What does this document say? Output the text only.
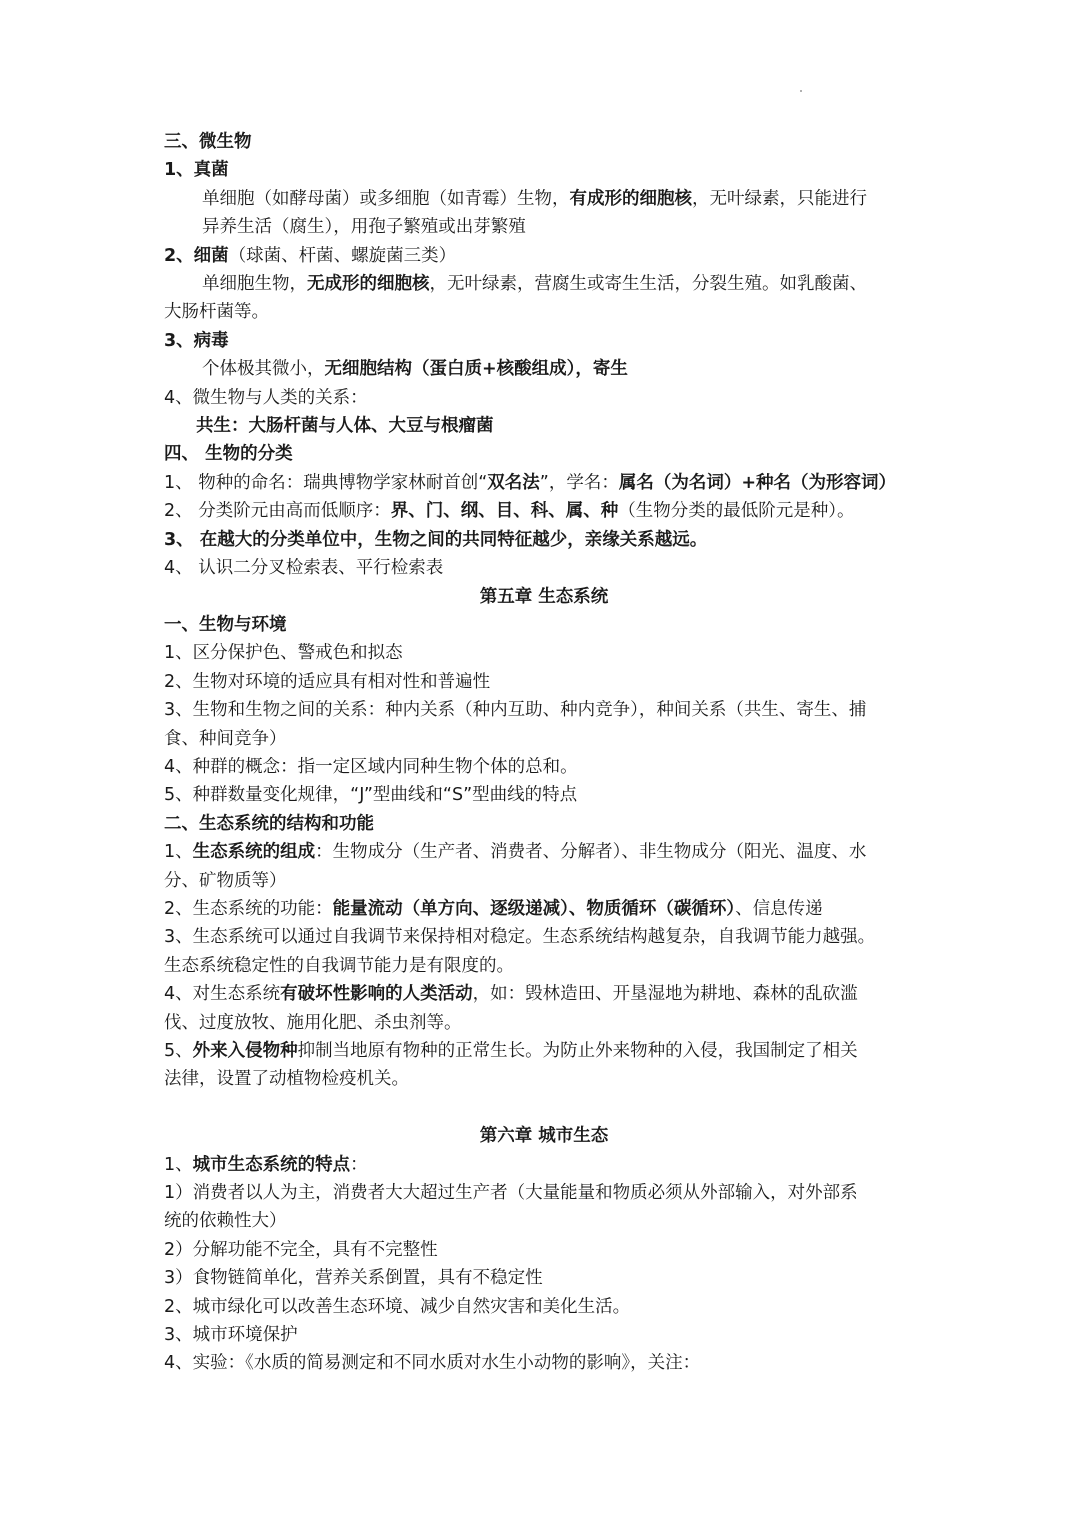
三、微生物
1、真菌
单细胞（如酵母菌）或多细胞（如青霉）生物，有成形的细胞核，无叶绿素，只能进行
异养生活（腐生），用孢子繁殖或出芽繁殖
2、细菌（球菌、杆菌、螺旋菌三类）
单细胞生物，无成形的细胞核，无叶绿素，营腐生或寄生生活，分裂生殖。如乳酸菌、
大肠杆菌等。
3、病毒
个体极其微小，无细胞结构（蛋白质+核酸组成），寄生
4、微生物与人类的关系：
共生：大肠杆菌与人体、大豆与根瘤菌
四、 生物的分类
1、 物种的命名：瑞典博物学家林耐首创“双名法”，学名：属名（为名词）+种名（为形容词）
2、 分类阶元由高而低顺序：界、门、纲、目、科、属、种（生物分类的最低阶元是种）。
3、 在越大的分类单位中，生物之间的共同特征越少，亲缘关系越远。
4、 认识二分叉检索表、平行检索表
第五章 生态系统
一、生物与环境
1、区分保护色、警戒色和拟态
2、生物对环境的适应具有相对性和普遍性
3、生物和生物之间的关系：种内关系（种内互助、种内竞争），种间关系（共生、寄生、捕
食、种间竞争）
4、种群的概念：指一定区域内同种生物个体的总和。
5、种群数量变化规律，“J”型曲线和“S”型曲线的特点
二、生态系统的结构和功能
1、生态系统的组成：生物成分（生产者、消费者、分解者）、非生物成分（阳光、温度、水
分、矿物质等）
2、生态系统的功能：能量流动（单方向、逐级递减）、物质循环（碳循环）、信息传递
3、生态系统可以通过自我调节来保持相对稳定。生态系统结构越复杂，自我调节能力越强。
生态系统稳定性的自我调节能力是有限度的。
4、对生态系统有破坏性影响的人类活动，如：毁林造田、开垦湿地为耕地、森林的乱砍滥
伐、过度放牧、施用化肥、杀虫剂等。
5、外来入侵物种抑制当地原有物种的正常生长。为防止外来物种的入侵，我国制定了相关
法律，设置了动植物检疫机关。
第六章 城市生态
1、城市生态系统的特点：
1）消费者以人为主，消费者大大超过生产者（大量能量和物质必须从外部输入，对外部系
统的依赖性大）
2）分解功能不完全，具有不完整性
3）食物链简单化，营养关系倒置，具有不稳定性
2、城市绿化可以改善生态环境、减少自然灾害和美化生活。
3、城市环境保护
4、实验：《水质的简易测定和不同水质对水生小动物的影响》，关注：
